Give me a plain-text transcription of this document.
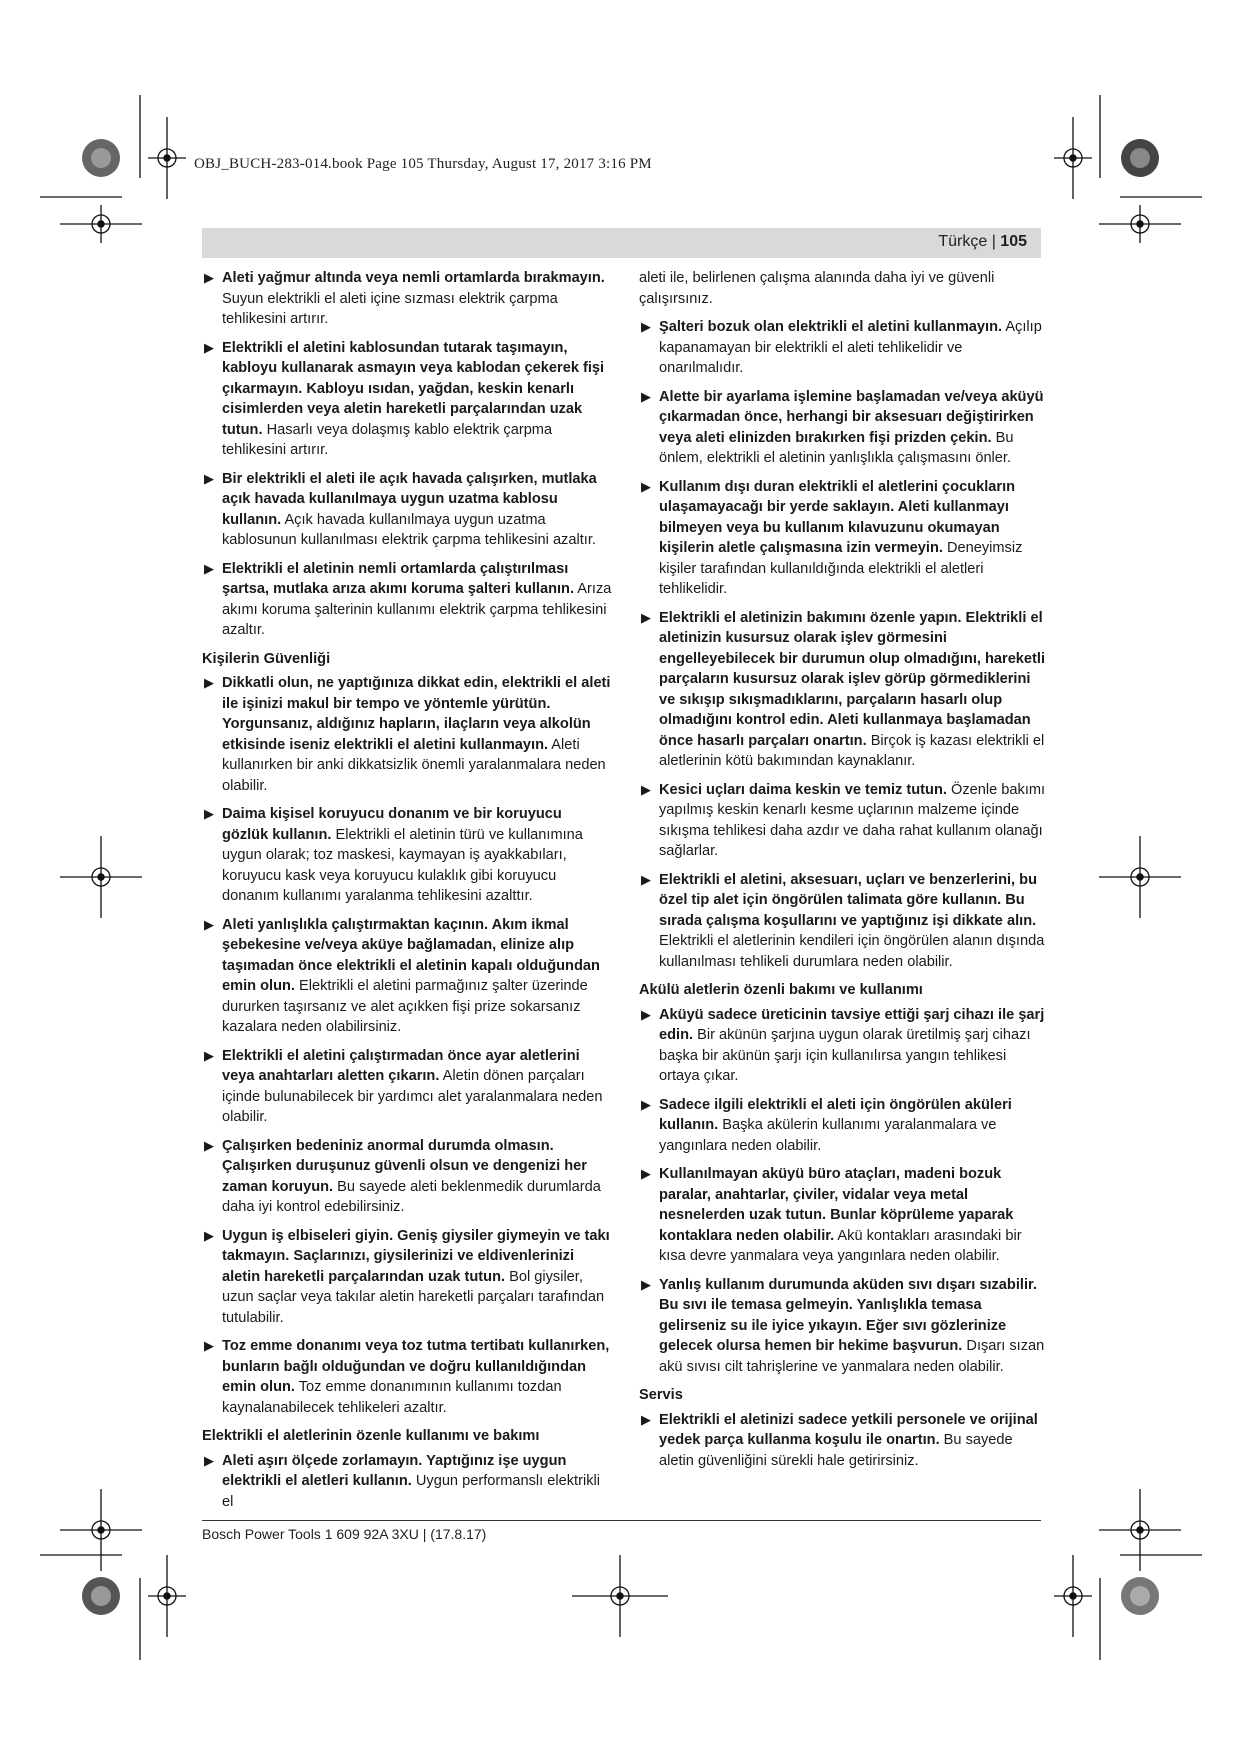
OBJ_BUCH-283-014.book Page 105 Thursday, August 17, 2017 3:16 PM
Türkçe | 105
▶ Aleti yağmur altında veya nemli ortamlarda bırakmayın. Suyun elektrikli el aleti içine sızması elektrik çarpma tehlikesini artırır.
▶ Elektrikli el aletini kablosundan tutarak taşımayın, kabloyu kullanarak asmayın veya kablodan çekerek fişi çıkarmayın. Kabloyu ısıdan, yağdan, keskin kenarlı cisimlerden veya aletin hareketli parçalarından uzak tutun. Hasarlı veya dolaşmış kablo elektrik çarpma tehlikesini artırır.
▶ Bir elektrikli el aleti ile açık havada çalışırken, mutlaka açık havada kullanılmaya uygun uzatma kablosu kullanın. Açık havada kullanılmaya uygun uzatma kablosunun kullanılması elektrik çarpma tehlikesini azaltır.
▶ Elektrikli el aletinin nemli ortamlarda çalıştırılması şartsa, mutlaka arıza akımı koruma şalteri kullanın. Arıza akımı koruma şalterinin kullanımı elektrik çarpma tehlikesini azaltır.
Kişilerin Güvenliği
▶ Dikkatli olun, ne yaptığınıza dikkat edin, elektrikli el aleti ile işinizi makul bir tempo ve yöntemle yürütün. Yorgunsanız, aldığınız hapların, ilaçların veya alkolün etkisinde iseniz elektrikli el aletini kullanmayın. Aleti kullanırken bir anki dikkatsizlik önemli yaralanmalara neden olabilir.
▶ Daima kişisel koruyucu donanım ve bir koruyucu gözlük kullanın. Elektrikli el aletinin türü ve kullanımına uygun olarak; toz maskesi, kaymayan iş ayakkabıları, koruyucu kask veya koruyucu kulaklık gibi koruyucu donanım kullanımı yaralanma tehlikesini azalttır.
▶ Aleti yanlışlıkla çalıştırmaktan kaçının. Akım ikmal şebekesine ve/veya aküye bağlamadan, elinize alıp taşımadan önce elektrikli el aletinin kapalı olduğundan emin olun. Elektrikli el aletini parmağınız şalter üzerinde dururken taşırsanız ve alet açıkken fişi prize sokarsanız kazalara neden olabilirsiniz.
▶ Elektrikli el aletini çalıştırmadan önce ayar aletlerini veya anahtarları aletten çıkarın. Aletin dönen parçaları içinde bulunabilecek bir yardımcı alet yaralanmalara neden olabilir.
▶ Çalışırken bedeniniz anormal durumda olmasın. Çalışırken duruşunuz güvenli olsun ve dengenizi her zaman koruyun. Bu sayede aleti beklenmedik durumlarda daha iyi kontrol edebilirsiniz.
▶ Uygun iş elbiseleri giyin. Geniş giysiler giymeyin ve takı takmayın. Saçlarınızı, giysilerinizi ve eldivenlerinizi aletin hareketli parçalarından uzak tutun. Bol giysiler, uzun saçlar veya takılar aletin hareketli parçaları tarafından tutulabilir.
▶ Toz emme donanımı veya toz tutma tertibatı kullanırken, bunların bağlı olduğundan ve doğru kullanıldığından emin olun. Toz emme donanımının kullanımı tozdan kaynalanabilecek tehlikeleri azaltır.
Elektrikli el aletlerinin özenle kullanımı ve bakımı
▶ Aleti aşırı ölçede zorlamayın. Yaptığınız işe uygun elektrikli el aletleri kullanın. Uygun performanslı elektrikli el
aleti ile, belirlenen çalışma alanında daha iyi ve güvenli çalışırsınız.
▶ Şalteri bozuk olan elektrikli el aletini kullanmayın. Açılıp kapanamayan bir elektrikli el aleti tehlikelidir ve onarılmalıdır.
▶ Alette bir ayarlama işlemine başlamadan ve/veya aküyü çıkarmadan önce, herhangi bir aksesuarı değiştirirken veya aleti elinizden bırakırken fişi prizden çekin. Bu önlem, elektrikli el aletinin yanlışlıkla çalışmasını önler.
▶ Kullanım dışı duran elektrikli el aletlerini çocukların ulaşamayacağı bir yerde saklayın. Aleti kullanmayı bilmeyen veya bu kullanım kılavuzunu okumayan kişilerin aletle çalışmasına izin vermeyin. Deneyimsiz kişiler tarafından kullanıldığında elektrikli el aletleri tehlikelidir.
▶ Elektrikli el aletinizin bakımını özenle yapın. Elektrikli el aletinizin kusursuz olarak işlev görmesini engelleyebilecek bir durumun olup olmadığını, hareketli parçaların kusursuz olarak işlev görüp görmediklerini ve sıkışıp sıkışmadıklarını, parçaların hasarlı olup olmadığını kontrol edin. Aleti kullanmaya başlamadan önce hasarlı parçaları onartın. Birçok iş kazası elektrikli el aletlerinin kötü bakımından kaynaklanır.
▶ Kesici uçları daima keskin ve temiz tutun. Özenle bakımı yapılmış keskin kenarlı kesme uçlarının malzeme içinde sıkışma tehlikesi daha azdır ve daha rahat kullanım olanağı sağlarlar.
▶ Elektrikli el aletini, aksesuarı, uçları ve benzerlerini, bu özel tip alet için öngörülen talimata göre kullanın. Bu sırada çalışma koşullarını ve yaptığınız işi dikkate alın. Elektrikli el aletlerinin kendileri için öngörülen alanın dışında kullanılması tehlikeli durumlara neden olabilir.
Akülü aletlerin özenli bakımı ve kullanımı
▶ Aküyü sadece üreticinin tavsiye ettiği şarj cihazı ile şarj edin. Bir akünün şarjına uygun olarak üretilmiş şarj cihazı başka bir akünün şarjı için kullanılırsa yangın tehlikesi ortaya çıkar.
▶ Sadece ilgili elektrikli el aleti için öngörülen aküleri kullanın. Başka akülerin kullanımı yaralanmalara ve yangınlara neden olabilir.
▶ Kullanılmayan aküyü büro ataçları, madeni bozuk paralar, anahtarlar, çiviler, vidalar veya metal nesnelerden uzak tutun. Bunlar köprüleme yaparak kontaklara neden olabilir. Akü kontakları arasındaki bir kısa devre yanmalara veya yangınlara neden olabilir.
▶ Yanlış kullanım durumunda aküden sıvı dışarı sızabilir. Bu sıvı ile temasa gelmeyin. Yanlışlıkla temasa gelirseniz su ile iyice yıkayın. Eğer sıvı gözlerinize gelecek olursa hemen bir hekime başvurun. Dışarı sızan akü sıvısı cilt tahrişlerine ve yanmalara neden olabilir.
Servis
▶ Elektrikli el aletinizi sadece yetkili personele ve orijinal yedek parça kullanma koşulu ile onartın. Bu sayede aletin güvenliğini sürekli hale getirirsiniz.
Bosch Power Tools 1 609 92A 3XU | (17.8.17)
